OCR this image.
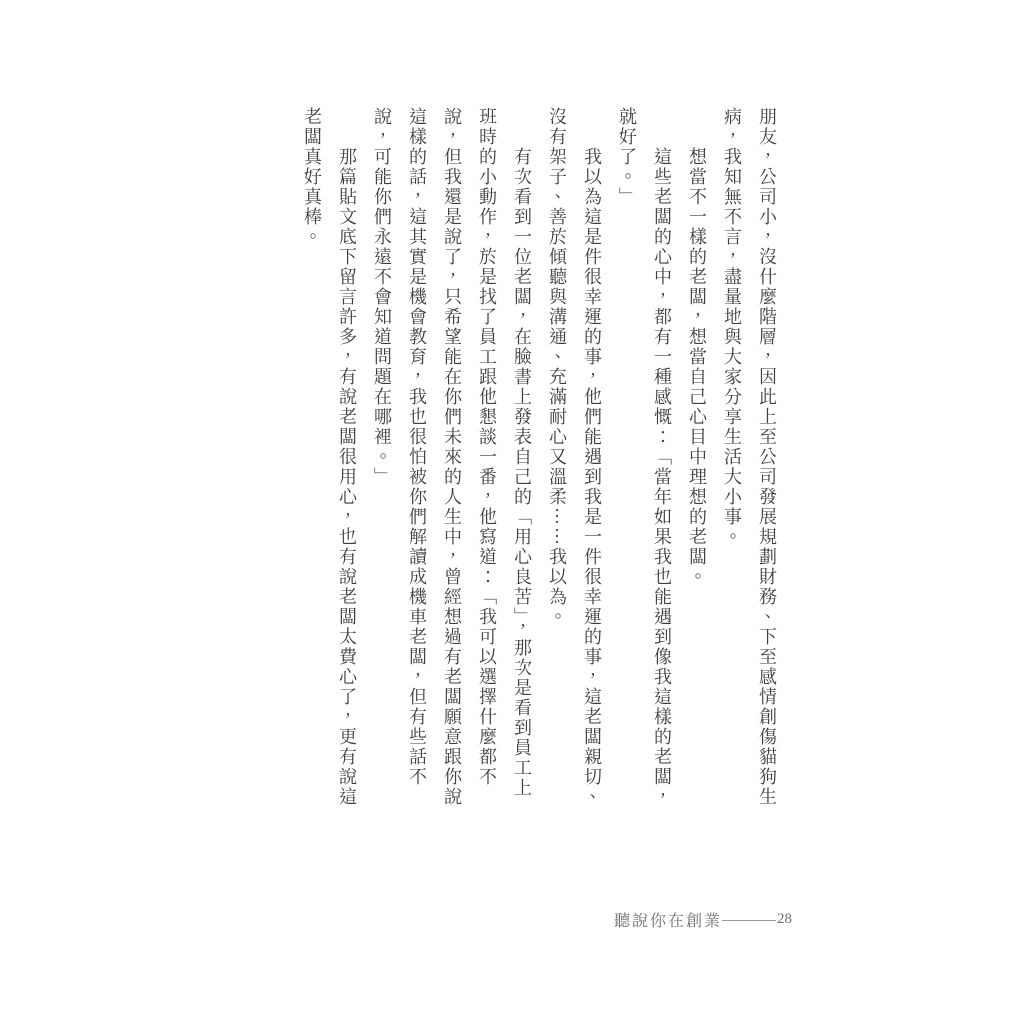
朋友，公司小，沒什麼階層，因此上至公司發展規劃財務、下至感情創傷貓狗生病，我知無不言，盡量地與大家分享生活大小事。

想當不一樣的老闆，想當自己心目中理想的老闆。

這些老闆的心中，都有一種感慨：「當年如果我也能遇到像我這樣的老闆，就好了。」

我以為這是件很幸運的事，他們能遇到我是一件很幸運的事，這老闆親切、沒有架子、善於傾聽與溝通、充滿耐心又溫柔⋯⋯我以為。

有次看到一位老闆，在臉書上發表自己的「用心良苦」，那次是看到員工上班時的小動作，於是找了員工跟他懇談一番，他寫道：「我可以選擇什麼都不說，但我還是說了，只希望能在你們未來的人生中，曾經想過有老闆願意跟你說這樣的話，這其實是機會教育，我也很怕被你們解讀成機車老闆，但有些話不說，可能你們永遠不會知道問題在哪裡。」

那篇貼文底下留言許多，有說老闆很用心，也有說老闆太費心了，更有說這老闆真好真棒。

聽說你在創業	28
